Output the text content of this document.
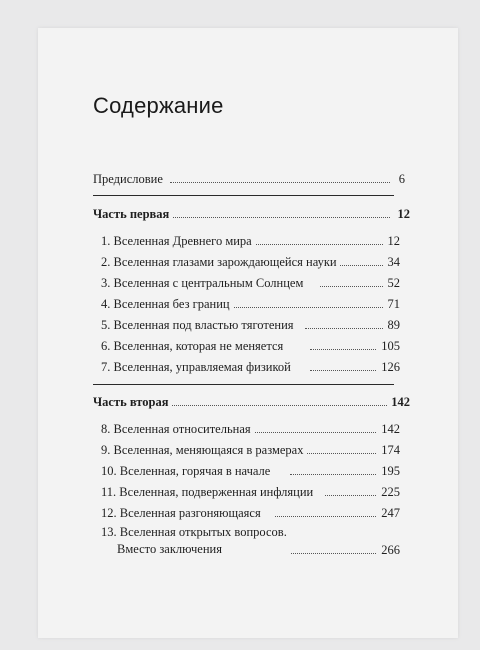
Содержание
Предисловие	6
Часть первая	12
1. Вселенная Древнего мира	12
2. Вселенная глазами зарождающейся науки	34
3. Вселенная с центральным Солнцем	52
4. Вселенная без границ	71
5. Вселенная под властью тяготения	89
6. Вселенная, которая не меняется	105
7. Вселенная, управляемая физикой	126
Часть вторая	142
8. Вселенная относительная	142
9. Вселенная, меняющаяся в размерах	174
10. Вселенная, горячая в начале	195
11. Вселенная, подверженная инфляции	225
12. Вселенная разгоняющаяся	247
13. Вселенная открытых вопросов.
Вместо заключения	266
